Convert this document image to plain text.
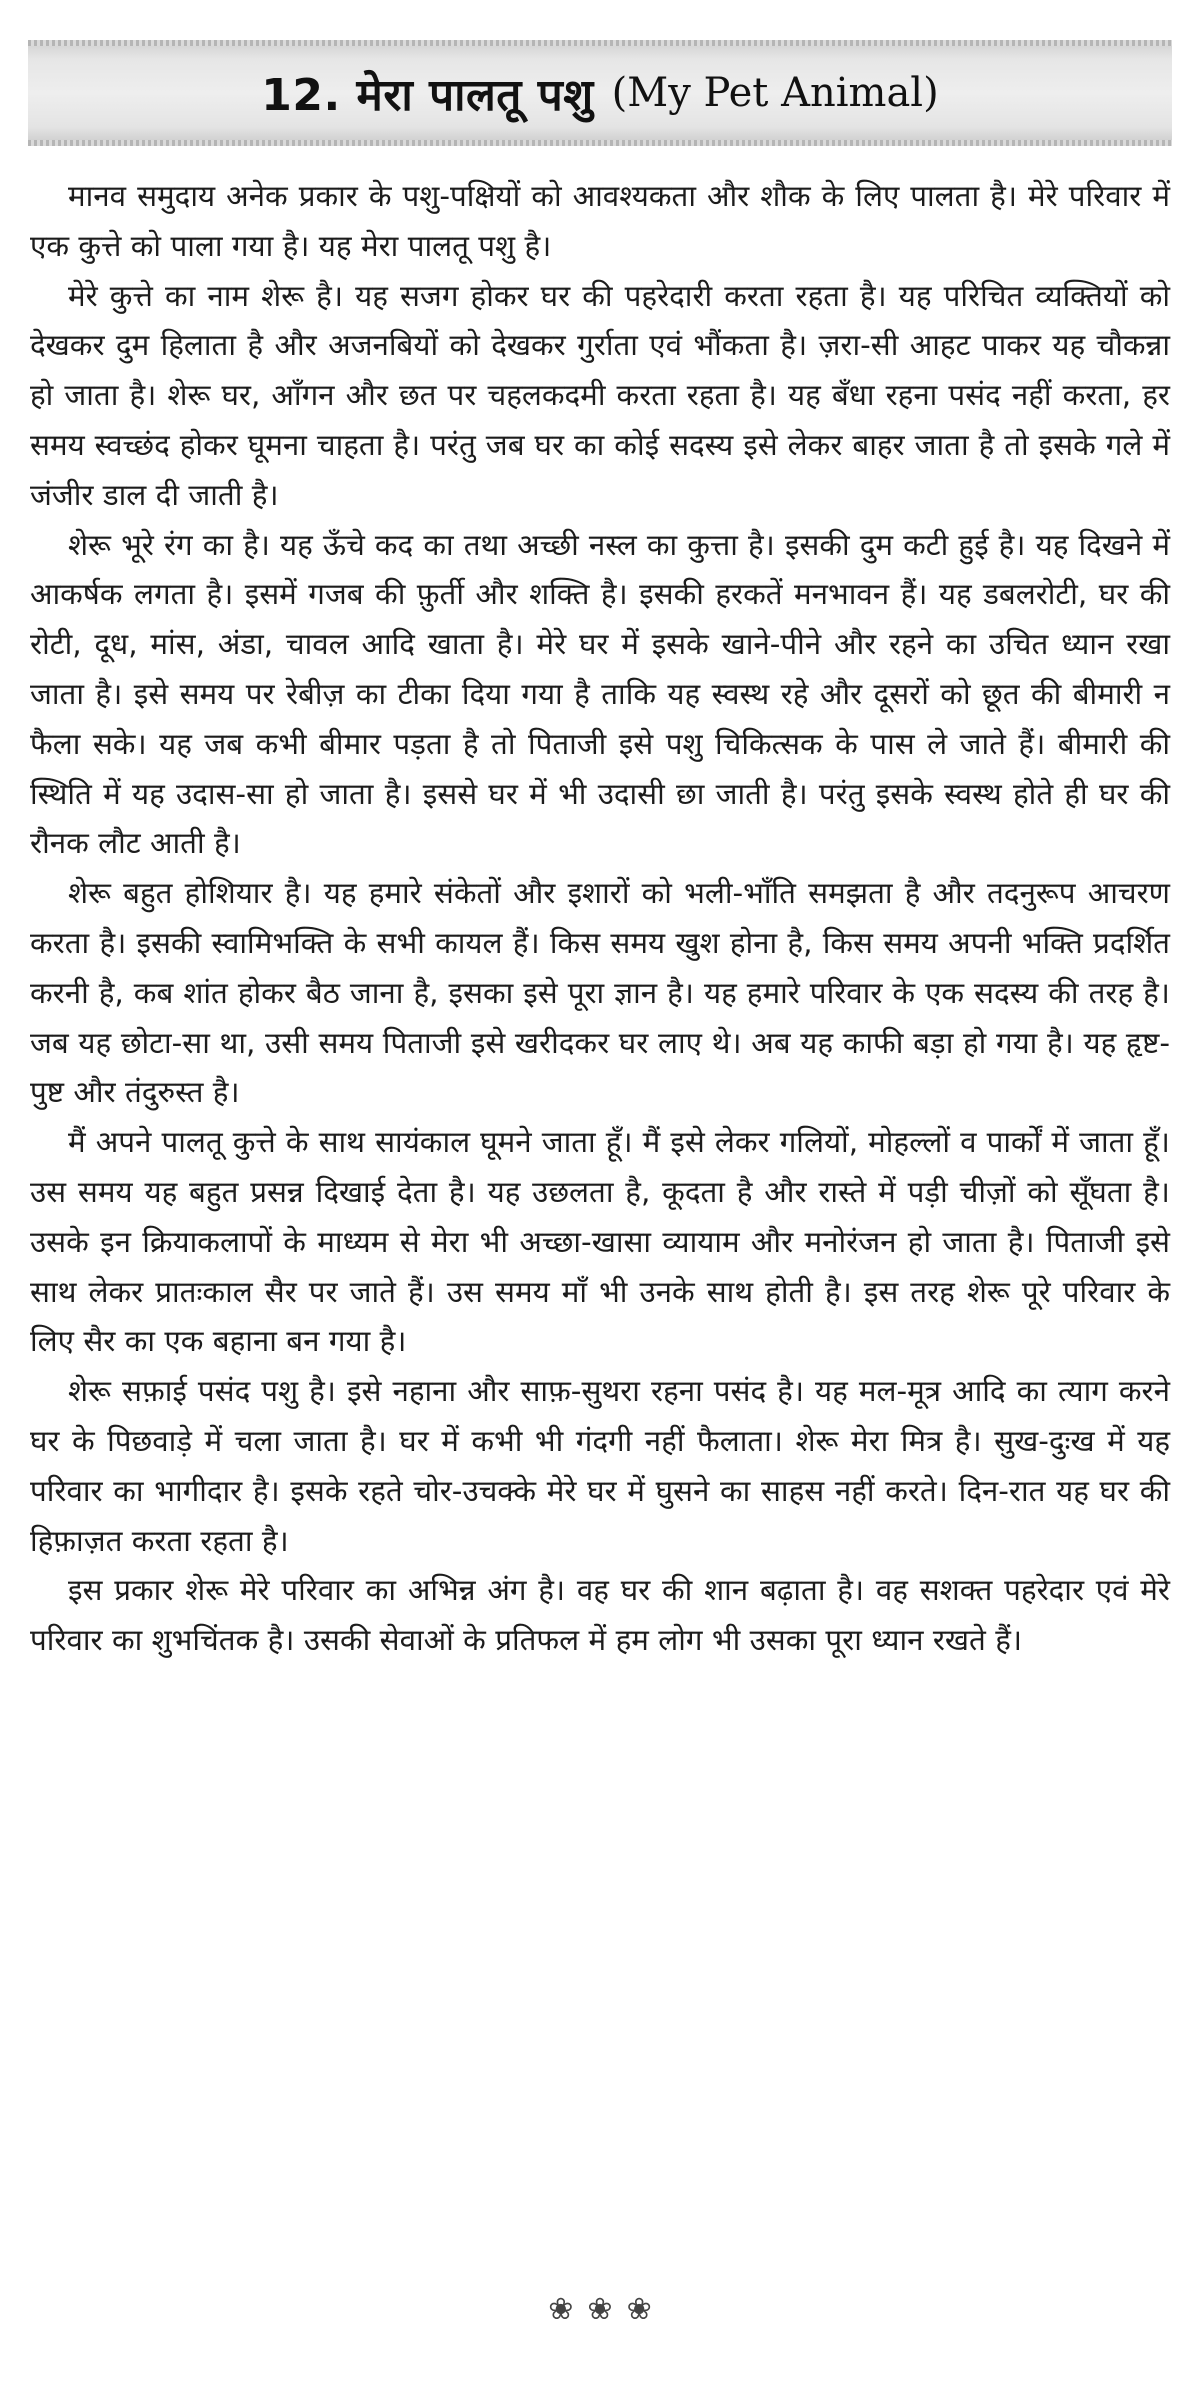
12. मेरा पालतू पशु (My Pet Animal)

मानव समुदाय अनेक प्रकार के पशु-पक्षियों को आवश्यकता और शौक के लिए पालता है। मेरे परिवार में एक कुत्ते को पाला गया है। यह मेरा पालतू पशु है।

मेरे कुत्ते का नाम शेरू है। यह सजग होकर घर की पहरेदारी करता रहता है। यह परिचित व्यक्तियों को देखकर दुम हिलाता है और अजनबियों को देखकर गुर्राता एवं भौंकता है। ज़रा-सी आहट पाकर यह चौकन्ना हो जाता है। शेरू घर, आँगन और छत पर चहलकदमी करता रहता है। यह बँधा रहना पसंद नहीं करता, हर समय स्वच्छंद होकर घूमना चाहता है। परंतु जब घर का कोई सदस्य इसे लेकर बाहर जाता है तो इसके गले में जंजीर डाल दी जाती है।

शेरू भूरे रंग का है। यह ऊँचे कद का तथा अच्छी नस्ल का कुत्ता है। इसकी दुम कटी हुई है। यह दिखने में आकर्षक लगता है। इसमें गजब की फ़ुर्ती और शक्ति है। इसकी हरकतें मनभावन हैं। यह डबलरोटी, घर की रोटी, दूध, मांस, अंडा, चावल आदि खाता है। मेरे घर में इसके खाने-पीने और रहने का उचित ध्यान रखा जाता है। इसे समय पर रेबीज़ का टीका दिया गया है ताकि यह स्वस्थ रहे और दूसरों को छूत की बीमारी न फैला सके। यह जब कभी बीमार पड़ता है तो पिताजी इसे पशु चिकित्सक के पास ले जाते हैं। बीमारी की स्थिति में यह उदास-सा हो जाता है। इससे घर में भी उदासी छा जाती है। परंतु इसके स्वस्थ होते ही घर की रौनक लौट आती है।

शेरू बहुत होशियार है। यह हमारे संकेतों और इशारों को भली-भाँति समझता है और तदनुरूप आचरण करता है। इसकी स्वामिभक्ति के सभी कायल हैं। किस समय खुश होना है, किस समय अपनी भक्ति प्रदर्शित करनी है, कब शांत होकर बैठ जाना है, इसका इसे पूरा ज्ञान है। यह हमारे परिवार के एक सदस्य की तरह है। जब यह छोटा-सा था, उसी समय पिताजी इसे खरीदकर घर लाए थे। अब यह काफी बड़ा हो गया है। यह हृष्ट-पुष्ट और तंदुरुस्त है।

मैं अपने पालतू कुत्ते के साथ सायंकाल घूमने जाता हूँ। मैं इसे लेकर गलियों, मोहल्लों व पार्कों में जाता हूँ। उस समय यह बहुत प्रसन्न दिखाई देता है। यह उछलता है, कूदता है और रास्ते में पड़ी चीज़ों को सूँघता है। उसके इन क्रियाकलापों के माध्यम से मेरा भी अच्छा-खासा व्यायाम और मनोरंजन हो जाता है। पिताजी इसे साथ लेकर प्रातःकाल सैर पर जाते हैं। उस समय माँ भी उनके साथ होती है। इस तरह शेरू पूरे परिवार के लिए सैर का एक बहाना बन गया है।

शेरू सफ़ाई पसंद पशु है। इसे नहाना और साफ़-सुथरा रहना पसंद है। यह मल-मूत्र आदि का त्याग करने घर के पिछवाड़े में चला जाता है। घर में कभी भी गंदगी नहीं फैलाता। शेरू मेरा मित्र है। सुख-दुःख में यह परिवार का भागीदार है। इसके रहते चोर-उचक्के मेरे घर में घुसने का साहस नहीं करते। दिन-रात यह घर की हिफ़ाज़त करता रहता है।

इस प्रकार शेरू मेरे परिवार का अभिन्न अंग है। वह घर की शान बढ़ाता है। वह सशक्त पहरेदार एवं मेरे परिवार का शुभचिंतक है। उसकी सेवाओं के प्रतिफल में हम लोग भी उसका पूरा ध्यान रखते हैं।

❀ ❀ ❀
